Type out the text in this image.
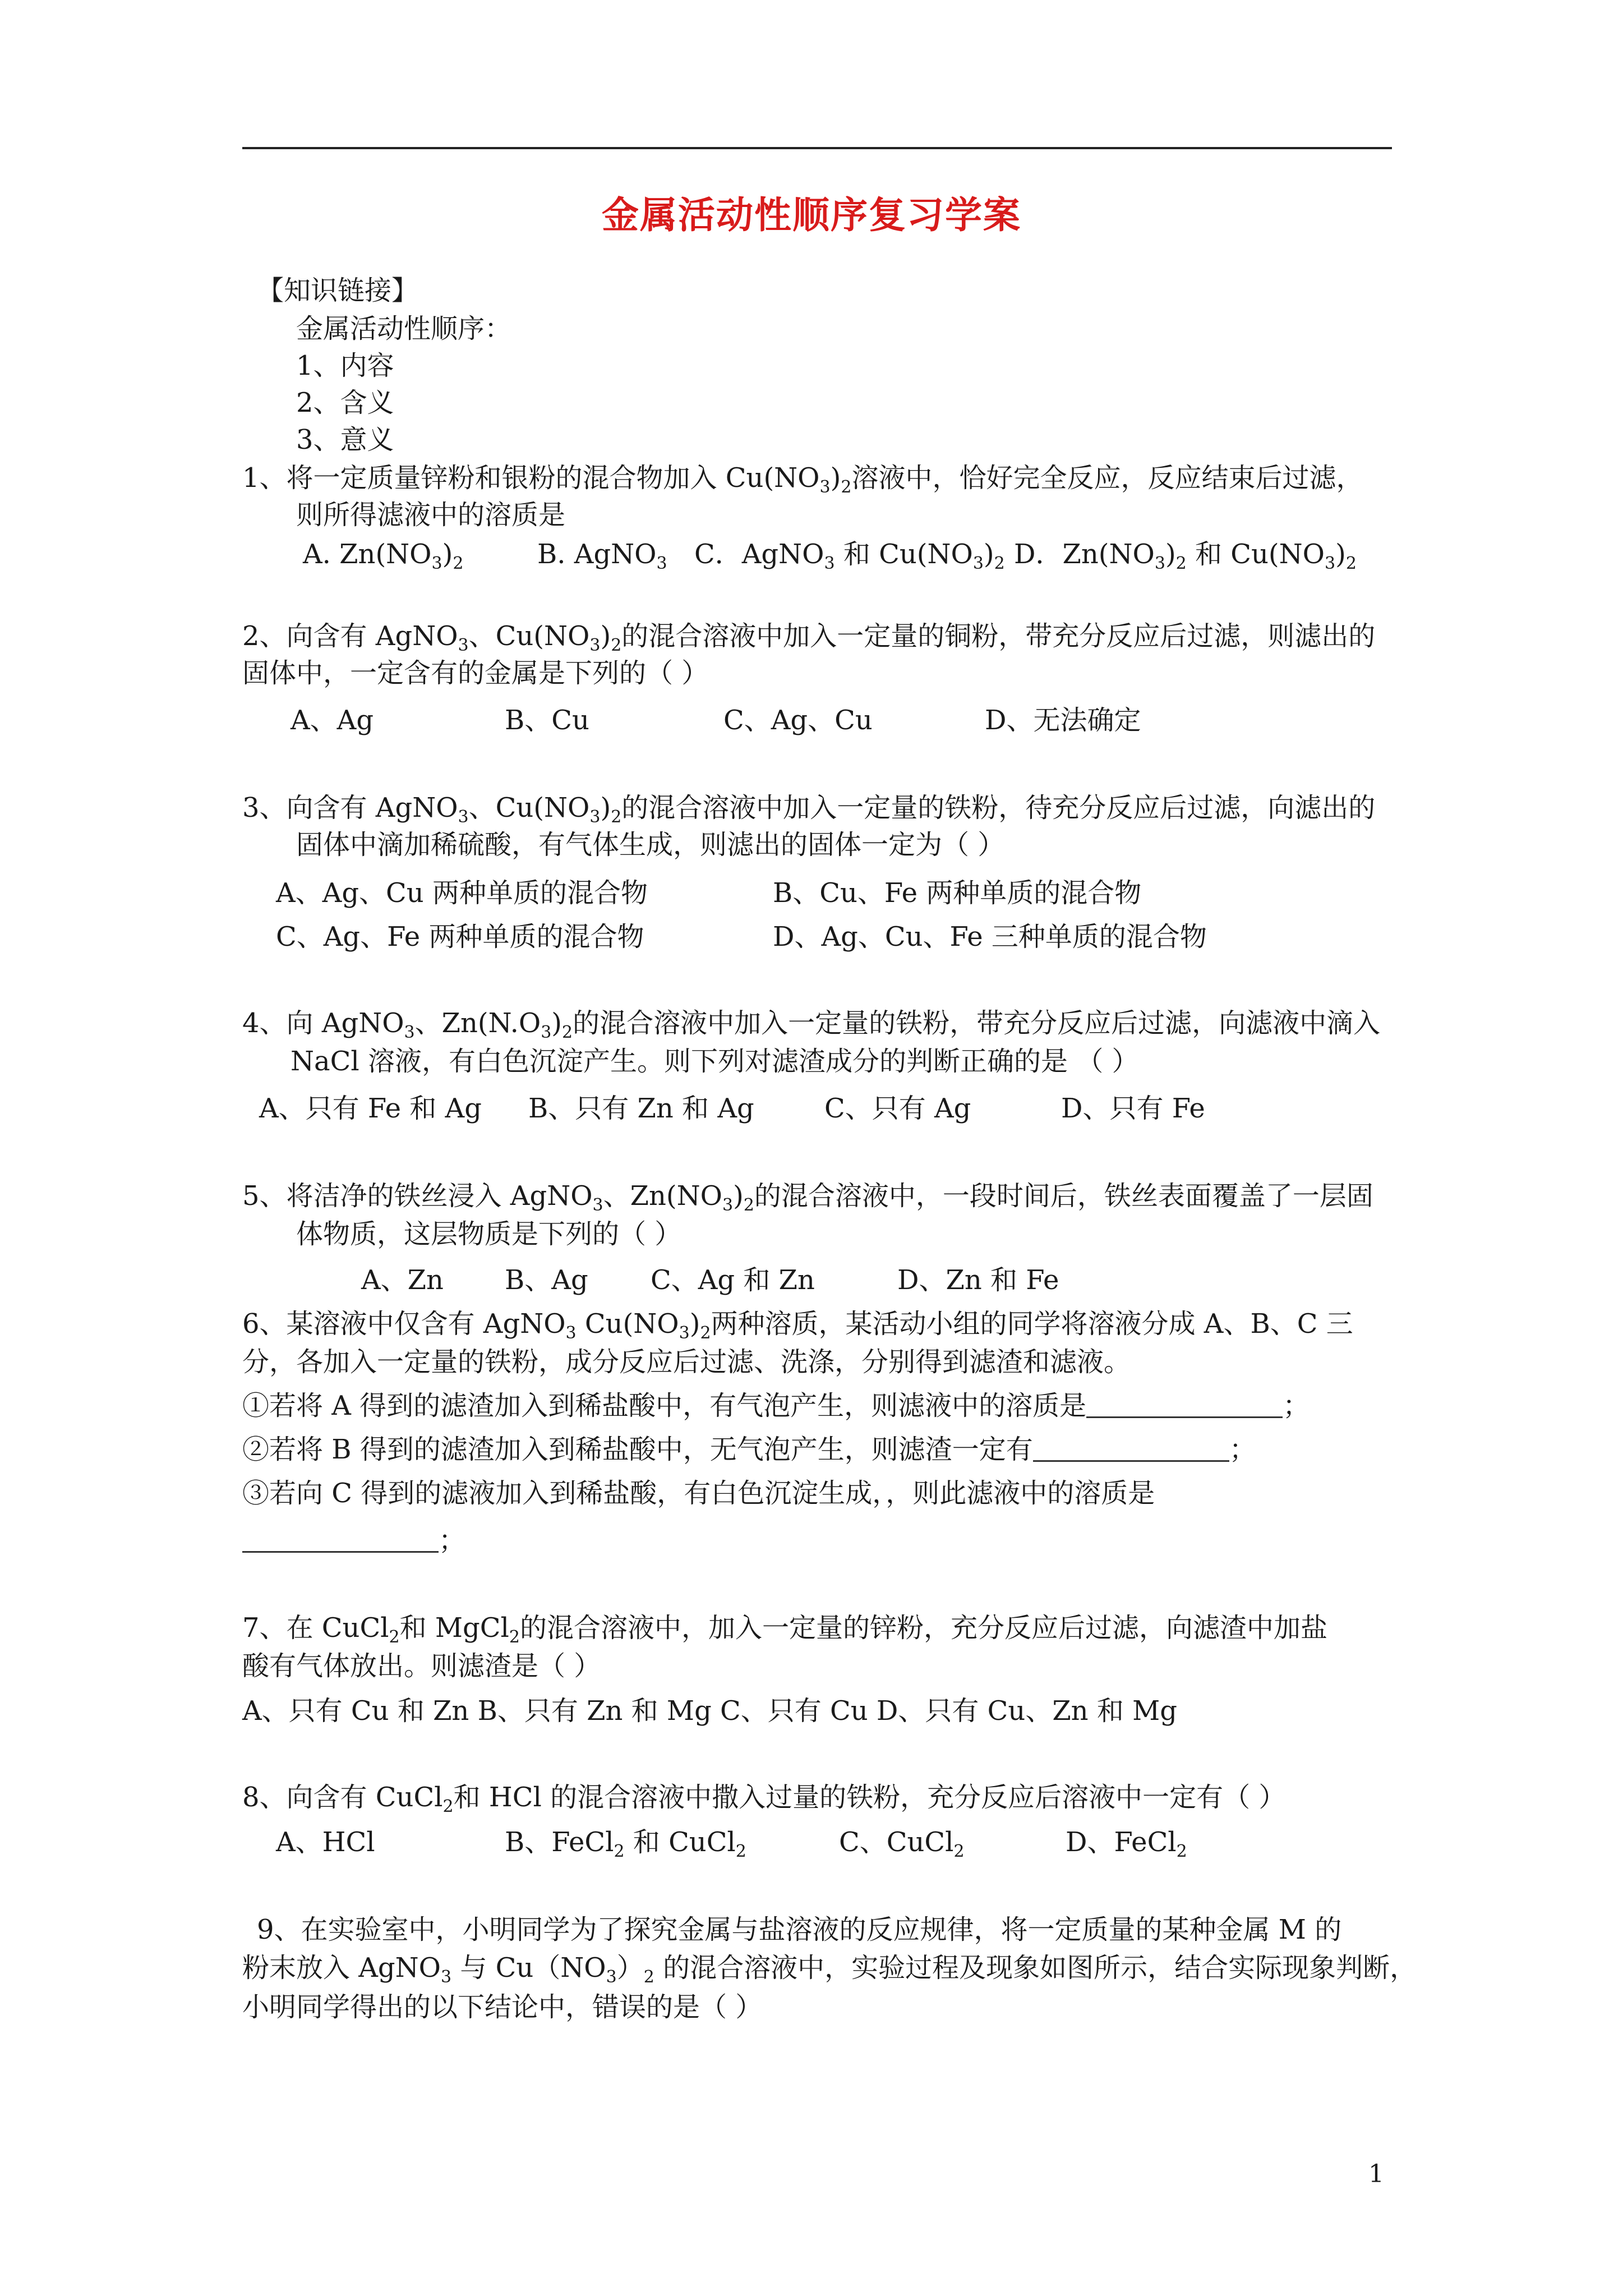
金属活动性顺序复习学案
【知识链接】
金属活动性顺序：
1、内容
2、含义
3、意义
1、将一定质量锌粉和银粉的混合物加入 $Cu(NO_3)_2$溶液中，恰好完全反应，反应结束后过滤，
则所得滤液中的溶质是
A. $Zn(NO_3)_2$	B. AgNO$_3$ C．AgNO$_3$ 和 $Cu(NO_3)_2$ D．$Zn(NO_3)_2$ 和 $Cu(NO_3)_2$
2、向含有 AgNO$_3$、$Cu(NO_3)_2$的混合溶液中加入一定量的铜粉，带充分反应后过滤，则滤出的
固体中，一定含有的金属是下列的（ ）
A、Ag	B、Cu	C、Ag、Cu	D、无法确定
3、向含有 AgNO$_3$、$Cu(NO_3)_2$的混合溶液中加入一定量的铁粉，待充分反应后过滤，向滤出的
固体中滴加稀硫酸，有气体生成，则滤出的固体一定为（ ）
A、Ag、Cu 两种单质的混合物	B、Cu、Fe 两种单质的混合物
C、Ag、Fe 两种单质的混合物	D、Ag、Cu、Fe 三种单质的混合物
4、向 AgNO$_3$、$Zn(N.O_3)_2$的混合溶液中加入一定量的铁粉，带充分反应后过滤，向滤液中滴入
NaCl 溶液，有白色沉淀产生。则下列对滤渣成分的判断正确的是 （ ）
A、只有 Fe 和 Ag B、只有 Zn 和 Ag	C、只有 Ag	D、只有 Fe
5、将洁净的铁丝浸入 AgNO$_3$、$Zn(NO_3)_2$的混合溶液中，一段时间后，铁丝表面覆盖了一层固
体物质，这层物质是下列的（ ）
A、Zn B、Ag C、Ag 和 Zn	D、Zn 和 Fe
6、某溶液中仅含有 AgNO$_3$ $Cu(NO_3)_2$两种溶质，某活动小组的同学将溶液分成 A、B、C 三
分，各加入一定量的铁粉，成分反应后过滤、洗涤，分别得到滤渣和滤液。
①若将 A 得到的滤渣加入到稀盐酸中，有气泡产生，则滤液中的溶质是	；
②若将 B 得到的滤渣加入到稀盐酸中，无气泡产生，则滤渣一定有	；
③若向 C 得到的滤液加入到稀盐酸，有白色沉淀生成，，则此滤液中的溶质是
；
7、在 CuCl$_2$和 MgCl$_2$的混合溶液中，加入一定量的锌粉，充分反应后过滤，向滤渣中加盐
酸有气体放出。则滤渣是（ ）
A、只有 Cu 和 Zn B、只有 Zn 和 Mg C、只有 Cu D、只有 Cu、Zn 和 Mg
8、向含有 CuCl$_2$和 HCl 的混合溶液中撒入过量的铁粉，充分反应后溶液中一定有（ ）
A、HCl	B、FeCl$_2$ 和 CuCl$_2$	C、CuCl$_2$	D、FeCl$_2$
9、在实验室中，小明同学为了探究金属与盐溶液的反应规律，将一定质量的某种金属 M 的
粉末放入 AgNO$_3$ 与 $Cu(NO_3)_2$ 的混合溶液中，实验过程及现象如图所示，结合实际现象判断，
小明同学得出的以下结论中，错误的是（ ）
1
